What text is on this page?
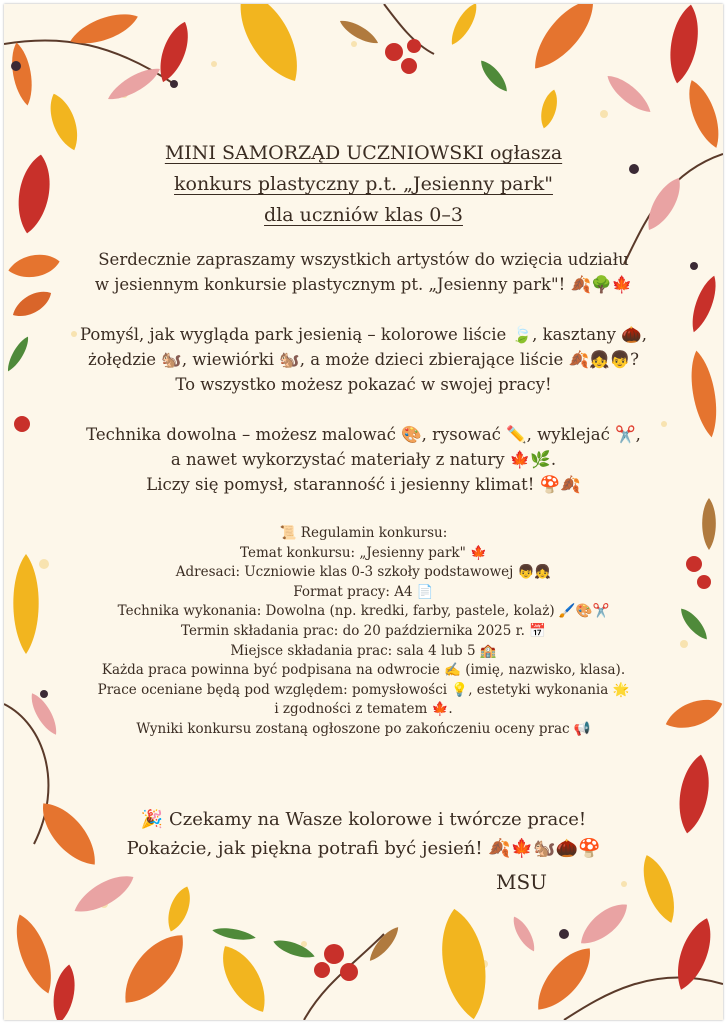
MINI SAMORZĄD UCZNIOWSKI ogłasza
konkurs plastyczny p.t. „Jesienny park"
dla uczniów klas 0–3
Serdecznie zapraszamy wszystkich artystów do wzięcia udziału
w jesiennym konkursie plastycznym pt. „Jesienny park"! 🍂🌳🍁
Pomyśl, jak wygląda park jesienią – kolorowe liście 🍃, kasztany 🌰,
żołędzie 🐿️, wiewiórki 🐿️, a może dzieci zbierające liście 🍂👧👦?
To wszystko możesz pokazać w swojej pracy!
Technika dowolna – możesz malować 🎨, rysować ✏️, wyklejać ✂️,
a nawet wykorzystać materiały z natury 🍁🌿.
Liczy się pomysł, staranność i jesienny klimat! 🍄🍂
📜 Regulamin konkursu:
Temat konkursu: „Jesienny park" 🍁
Adresaci: Uczniowie klas 0-3 szkoły podstawowej 👦👧
Format pracy: A4 📄
Technika wykonania: Dowolna (np. kredki, farby, pastele, kolaż) 🖌️🎨✂️
Termin składania prac: do 20 października 2025 r. 📅
Miejsce składania prac: sala 4 lub 5 🏫
Każda praca powinna być podpisana na odwrocie ✍️ (imię, nazwisko, klasa).
Prace oceniane będą pod względem: pomysłowości 💡, estetyki wykonania 🌟
i zgodności z tematem 🍁.
Wyniki konkursu zostaną ogłoszone po zakończeniu oceny prac 📢
🎉 Czekamy na Wasze kolorowe i twórcze prace!
Pokażcie, jak piękna potrafi być jesień! 🍂🍁🐿️🌰🍄
MSU
